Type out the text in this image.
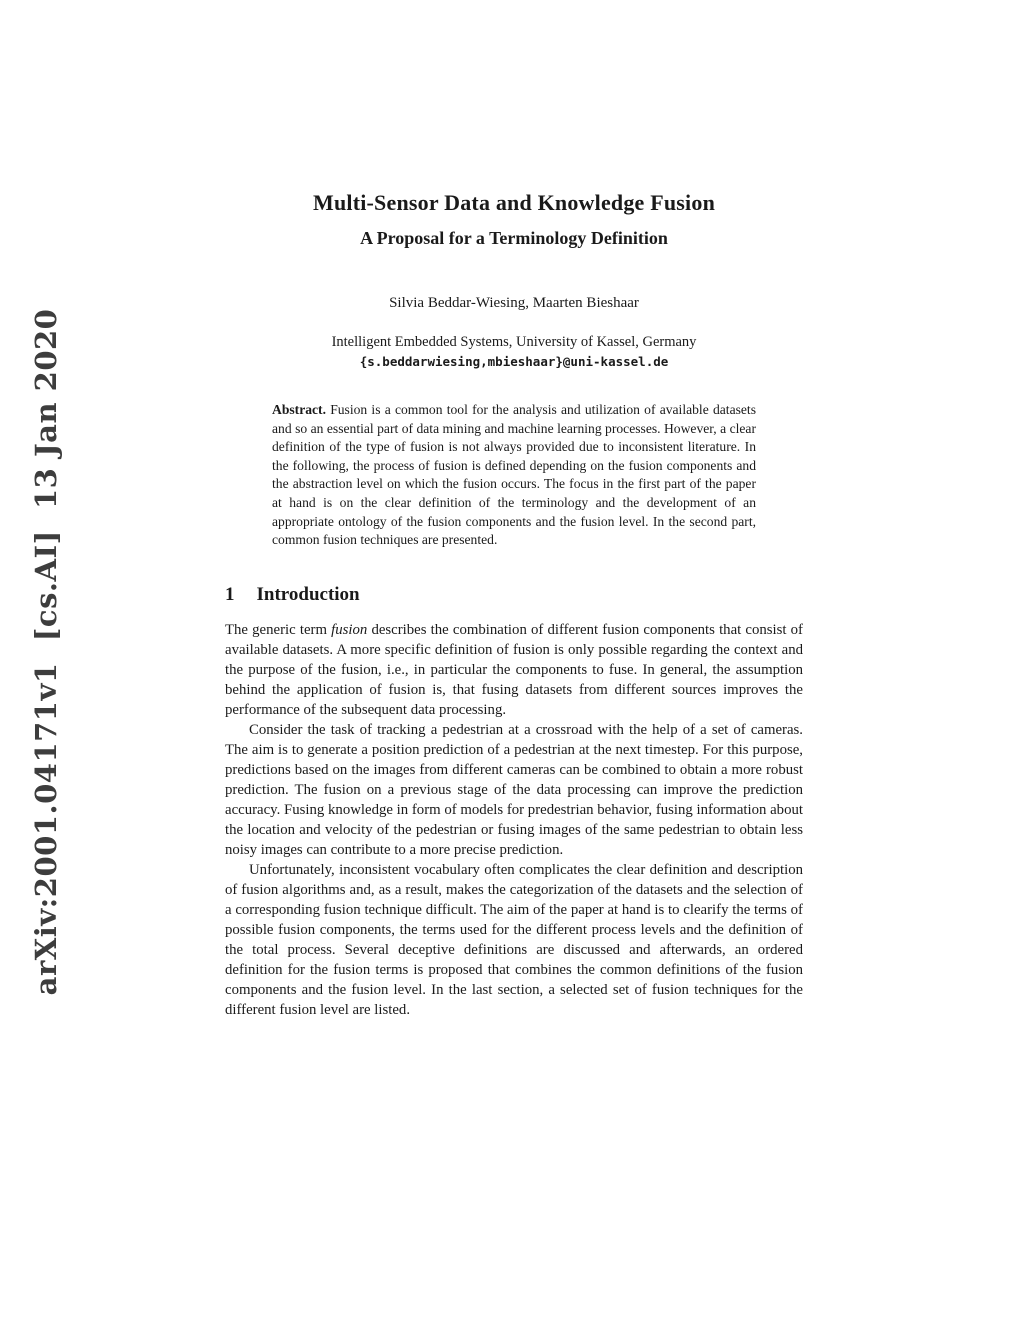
arXiv:2001.04171v1  [cs.AI]  13 Jan 2020
Multi-Sensor Data and Knowledge Fusion
A Proposal for a Terminology Definition
Silvia Beddar-Wiesing, Maarten Bieshaar
Intelligent Embedded Systems, University of Kassel, Germany
{s.beddarwiesing,mbieshaar}@uni-kassel.de
Abstract. Fusion is a common tool for the analysis and utilization of available datasets and so an essential part of data mining and machine learning processes. However, a clear definition of the type of fusion is not always provided due to inconsistent literature. In the following, the process of fusion is defined depending on the fusion components and the abstraction level on which the fusion occurs. The focus in the first part of the paper at hand is on the clear definition of the terminology and the development of an appropriate ontology of the fusion components and the fusion level. In the second part, common fusion techniques are presented.
1 Introduction

The generic term fusion describes the combination of different fusion components that consist of available datasets. A more specific definition of fusion is only possible regarding the context and the purpose of the fusion, i.e., in particular the components to fuse. In general, the assumption behind the application of fusion is, that fusing datasets from different sources improves the performance of the subsequent data processing.

Consider the task of tracking a pedestrian at a crossroad with the help of a set of cameras. The aim is to generate a position prediction of a pedestrian at the next timestep. For this purpose, predictions based on the images from different cameras can be combined to obtain a more robust prediction. The fusion on a previous stage of the data processing can improve the prediction accuracy. Fusing knowledge in form of models for predestrian behavior, fusing information about the location and velocity of the pedestrian or fusing images of the same pedestrian to obtain less noisy images can contribute to a more precise prediction.

Unfortunately, inconsistent vocabulary often complicates the clear definition and description of fusion algorithms and, as a result, makes the categorization of the datasets and the selection of a corresponding fusion technique difficult. The aim of the paper at hand is to clearify the terms of possible fusion components, the terms used for the different process levels and the definition of the total process. Several deceptive definitions are discussed and afterwards, an ordered definition for the fusion terms is proposed that combines the common definitions of the fusion components and the fusion level. In the last section, a selected set of fusion techniques for the different fusion level are listed.
